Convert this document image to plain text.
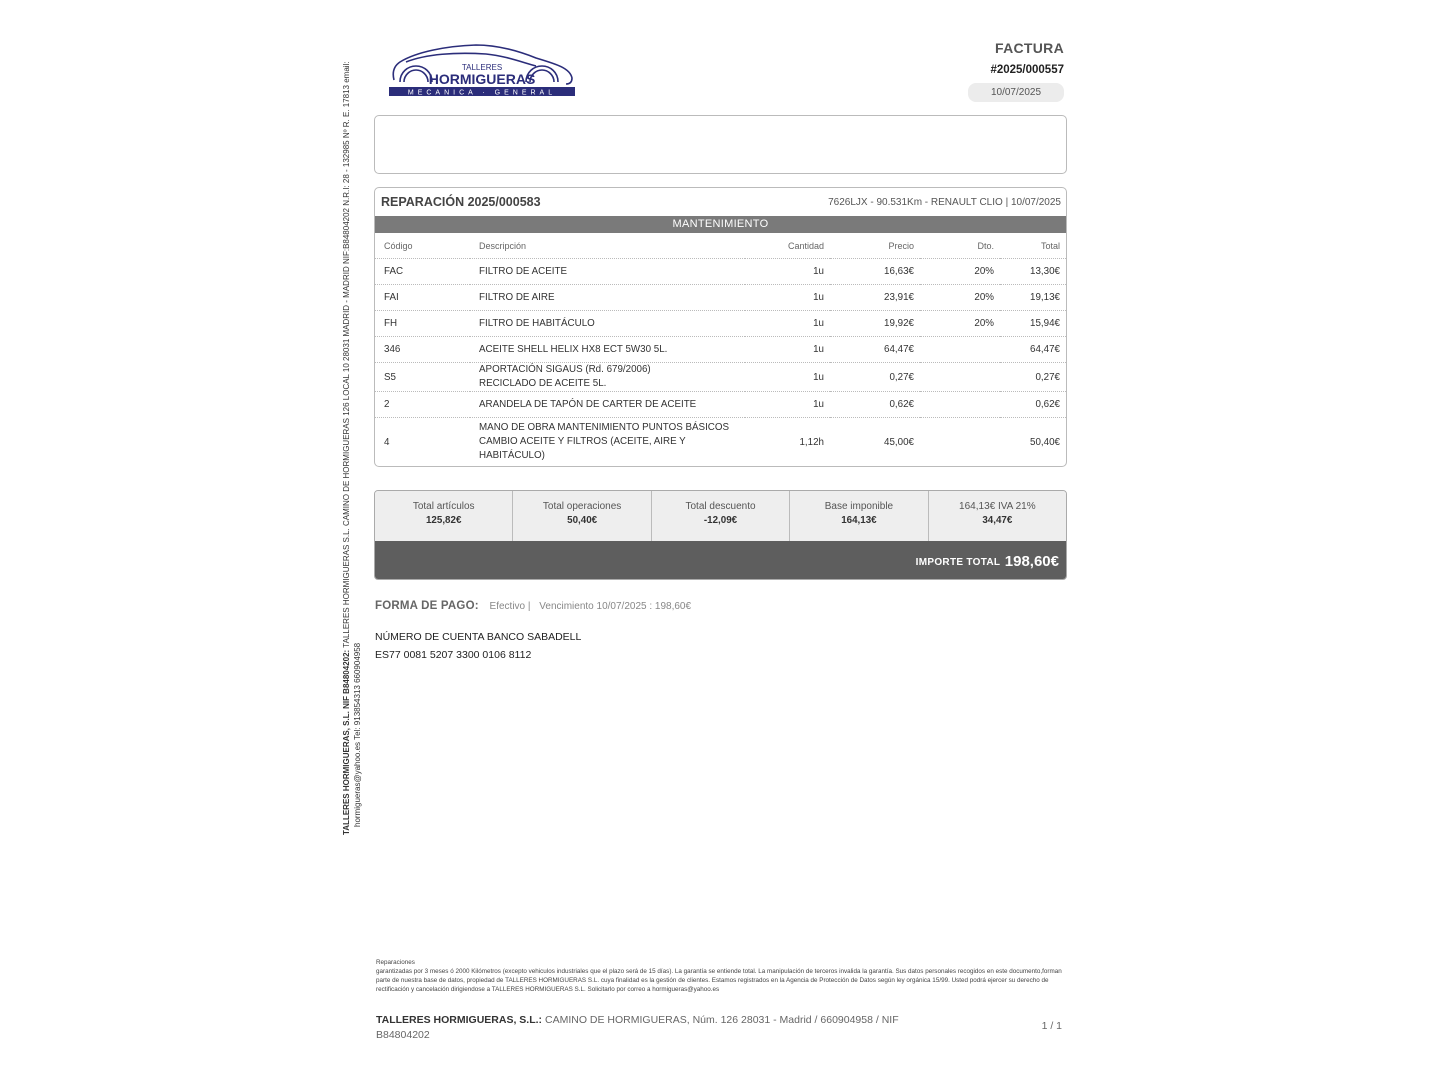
TALLERES HORMIGUERAS, S.L. NIF B84804202: TALLERES HORMIGUERAS S.L. CAMINO DE HORMIGUERAS 126 LOCAL 10 28031 MADRID - MADRID NIF:B84804202 N.R.I: 28 - 132985 Nº R. E. 17813 email:
hormigueras@yahoo.es Tel: 913854313 660904958
TALLERES
HORMIGUERAS
MECANICA · GENERAL
FACTURA
#2025/000557
10/07/2025
REPARACIÓN 2025/000583	7626LJX - 90.531Km - RENAULT CLIO | 10/07/2025
MANTENIMIENTO
Código	Descripción	Cantidad	Precio	Dto.	Total
FAC	FILTRO DE ACEITE	1u	16,63€	20%	13,30€
FAI	FILTRO DE AIRE	1u	23,91€	20%	19,13€
FH	FILTRO DE HABITÁCULO	1u	19,92€	20%	15,94€
346	ACEITE SHELL HELIX HX8 ECT 5W30 5L.	1u	64,47€		64,47€
S5	APORTACIÓN SIGAUS (Rd. 679/2006)
RECICLADO DE ACEITE 5L.	1u	0,27€		0,27€
2	ARANDELA DE TAPÓN DE CARTER DE ACEITE	1u	0,62€		0,62€
4	MANO DE OBRA MANTENIMIENTO PUNTOS BÁSICOS CAMBIO ACEITE Y FILTROS (ACEITE, AIRE Y HABITÁCULO)	1,12h	45,00€		50,40€
Total artículos
125,82€
Total operaciones
50,40€
Total descuento
-12,09€
Base imponible
164,13€
164,13€ IVA 21%
34,47€
IMPORTE TOTAL 198,60€
FORMA DE PAGO: Efectivo | Vencimiento 10/07/2025 : 198,60€
NÚMERO DE CUENTA BANCO SABADELL
ES77 0081 5207 3300 0106 8112
Reparaciones
garantizadas por 3 meses ó 2000 Kilómetros (excepto vehiculos industriales que el plazo será de 15 días). La garantía se entiende total. La manipulación de terceros invalida la garantía. Sus datos personales recogidos en este documento,forman parte de nuestra base de datos, propiedad de TALLERES HORMIGUERAS S.L. cuya finalidad es la gestión de clientes. Estamos registrados en la Agencia de Protección de Datos según ley orgánica 15/99. Usted podrá ejercer su derecho de rectificación y cancelación dirigiendose a TALLERES HORMIGUERAS S.L. Solicitarlo por correo a hormigueras@yahoo.es
TALLERES HORMIGUERAS, S.L.: CAMINO DE HORMIGUERAS, Núm. 126 28031 - Madrid / 660904958 / NIF B84804202
1 / 1
